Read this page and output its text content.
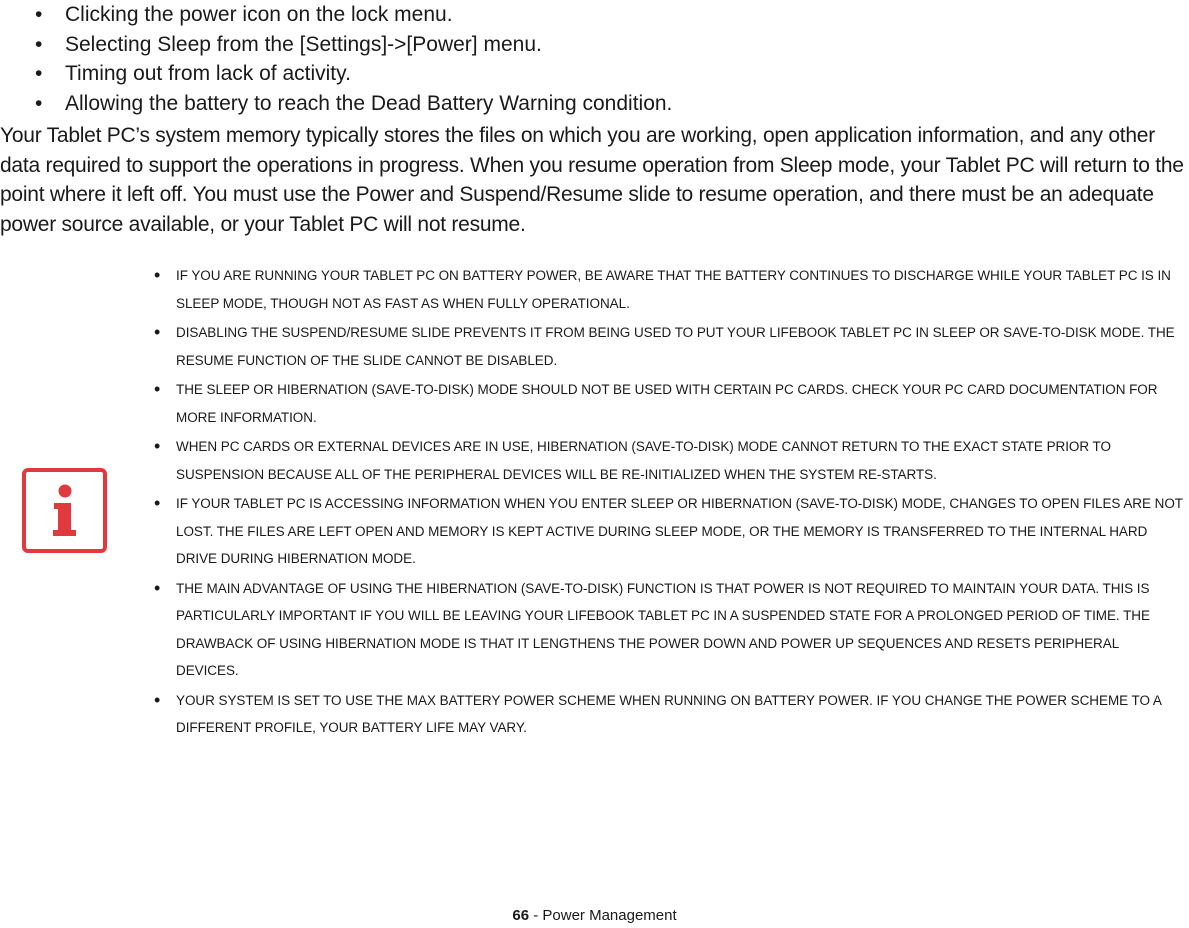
• Clicking the power icon on the lock menu.
• Selecting Sleep from the [Settings]->[Power] menu.
• Timing out from lack of activity.
• Allowing the battery to reach the Dead Battery Warning condition.

Your Tablet PC’s system memory typically stores the files on which you are working, open application information, and any other data required to support the operations in progress. When you resume operation from Sleep mode, your Tablet PC will return to the point where it left off. You must use the Power and Suspend/Resume slide to resume operation, and there must be an adequate power source available, or your Tablet PC will not resume.

• IF YOU ARE RUNNING YOUR TABLET PC ON BATTERY POWER, BE AWARE THAT THE BATTERY CONTINUES TO DISCHARGE WHILE YOUR TABLET PC IS IN SLEEP MODE, THOUGH NOT AS FAST AS WHEN FULLY OPERATIONAL.
• DISABLING THE SUSPEND/RESUME SLIDE PREVENTS IT FROM BEING USED TO PUT YOUR LIFEBOOK TABLET PC IN SLEEP OR SAVE-TO-DISK MODE. THE RESUME FUNCTION OF THE SLIDE CANNOT BE DISABLED.
• THE SLEEP OR HIBERNATION (SAVE-TO-DISK) MODE SHOULD NOT BE USED WITH CERTAIN PC CARDS. CHECK YOUR PC CARD DOCUMENTATION FOR MORE INFORMATION.
• WHEN PC CARDS OR EXTERNAL DEVICES ARE IN USE, HIBERNATION (SAVE-TO-DISK) MODE CANNOT RETURN TO THE EXACT STATE PRIOR TO SUSPENSION BECAUSE ALL OF THE PERIPHERAL DEVICES WILL BE RE-INITIALIZED WHEN THE SYSTEM RE-STARTS.
• IF YOUR TABLET PC IS ACCESSING INFORMATION WHEN YOU ENTER SLEEP OR HIBERNATION (SAVE-TO-DISK) MODE, CHANGES TO OPEN FILES ARE NOT LOST. THE FILES ARE LEFT OPEN AND MEMORY IS KEPT ACTIVE DURING SLEEP MODE, OR THE MEMORY IS TRANSFERRED TO THE INTERNAL HARD DRIVE DURING HIBERNATION MODE.
• THE MAIN ADVANTAGE OF USING THE HIBERNATION (SAVE-TO-DISK) FUNCTION IS THAT POWER IS NOT REQUIRED TO MAINTAIN YOUR DATA. THIS IS PARTICULARLY IMPORTANT IF YOU WILL BE LEAVING YOUR LIFEBOOK TABLET PC IN A SUSPENDED STATE FOR A PROLONGED PERIOD OF TIME. THE DRAWBACK OF USING HIBERNATION MODE IS THAT IT LENGTHENS THE POWER DOWN AND POWER UP SEQUENCES AND RESETS PERIPHERAL DEVICES.
• YOUR SYSTEM IS SET TO USE THE MAX BATTERY POWER SCHEME WHEN RUNNING ON BATTERY POWER. IF YOU CHANGE THE POWER SCHEME TO A DIFFERENT PROFILE, YOUR BATTERY LIFE MAY VARY.
66 - Power Management
